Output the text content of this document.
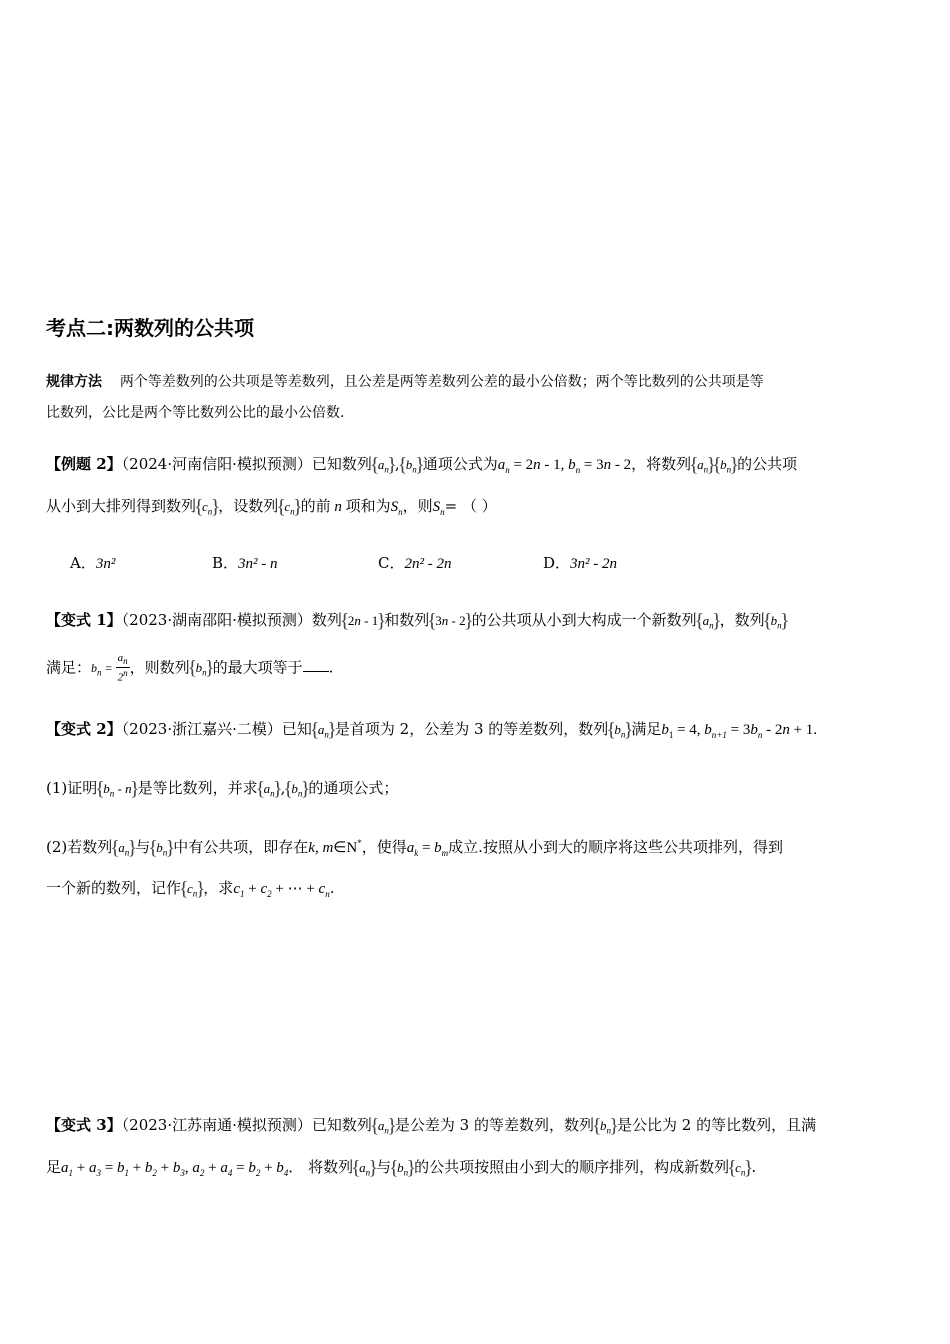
考点二:两数列的公共项
规律方法 两个等差数列的公共项是等差数列，且公差是两等差数列公差的最小公倍数；两个等比数列的公共项是等
比数列，公比是两个等比数列公比的最小公倍数.
【例题 2】（2024·河南信阳·模拟预测）已知数列 { $a_n$ } , { $b_n$ } 通项公式为$a_n = 2n - 1$, $b_n = 3n - 2$，将数列 { $a_n$ } { $b_n$ } 的公共项
从小到大排列得到数列 { $c_n$ } ，设数列 { $c_n$ } 的前 n 项和为$S_n$，则$S_n=$ （ ）
A．3n²	B．3n² - n	C．2n² - 2n	D．3n² - 2n
【变式 1】（2023·湖南邵阳·模拟预测）数列 { 2n - 1 } 和数列 { 3n - 2 } 的公共项从小到大构成一个新数列 { $a_n$ } ，数列 { $b_n$ }
满足：$b_n = \frac{a_n}{2^n}$ ，则数列 { $b_n$ } 的最大项等于 .
【变式 2】（2023·浙江嘉兴·二模）已知 { $a_n$ } 是首项为 2，公差为 3 的等差数列，数列 { $b_n$ } 满足$b_1 = 4$, $b_{n+1} = 3b_n - 2n + 1$.
(1)证明 { $b_n$ - n } 是等比数列，并求 { $a_n$ } , { $b_n$ } 的通项公式；
(2)若数列 { $a_n$ } 与 { $b_n$ } 中有公共项，即存在k, m∈N*，使得$a_k = b_m$成立.按照从小到大的顺序将这些公共项排列，得到
一个新的数列，记作 { $c_n$ } ，求$c_1 + c_2$ + ⋯ + $c_n$.
【变式 3】（2023·江苏南通·模拟预测）已知数列 { $a_n$ } 是公差为 3 的等差数列，数列 { $b_n$ } 是公比为 2 的等比数列，且满
足$a_1 + a_3 = b_1 + b_2 + b_3$, $a_2 + a_4 = b_2 + b_4$． 将数列 { $a_n$ } 与 { $b_n$ } 的公共项按照由小到大的顺序排列，构成新数列 { $c_n$ } .
